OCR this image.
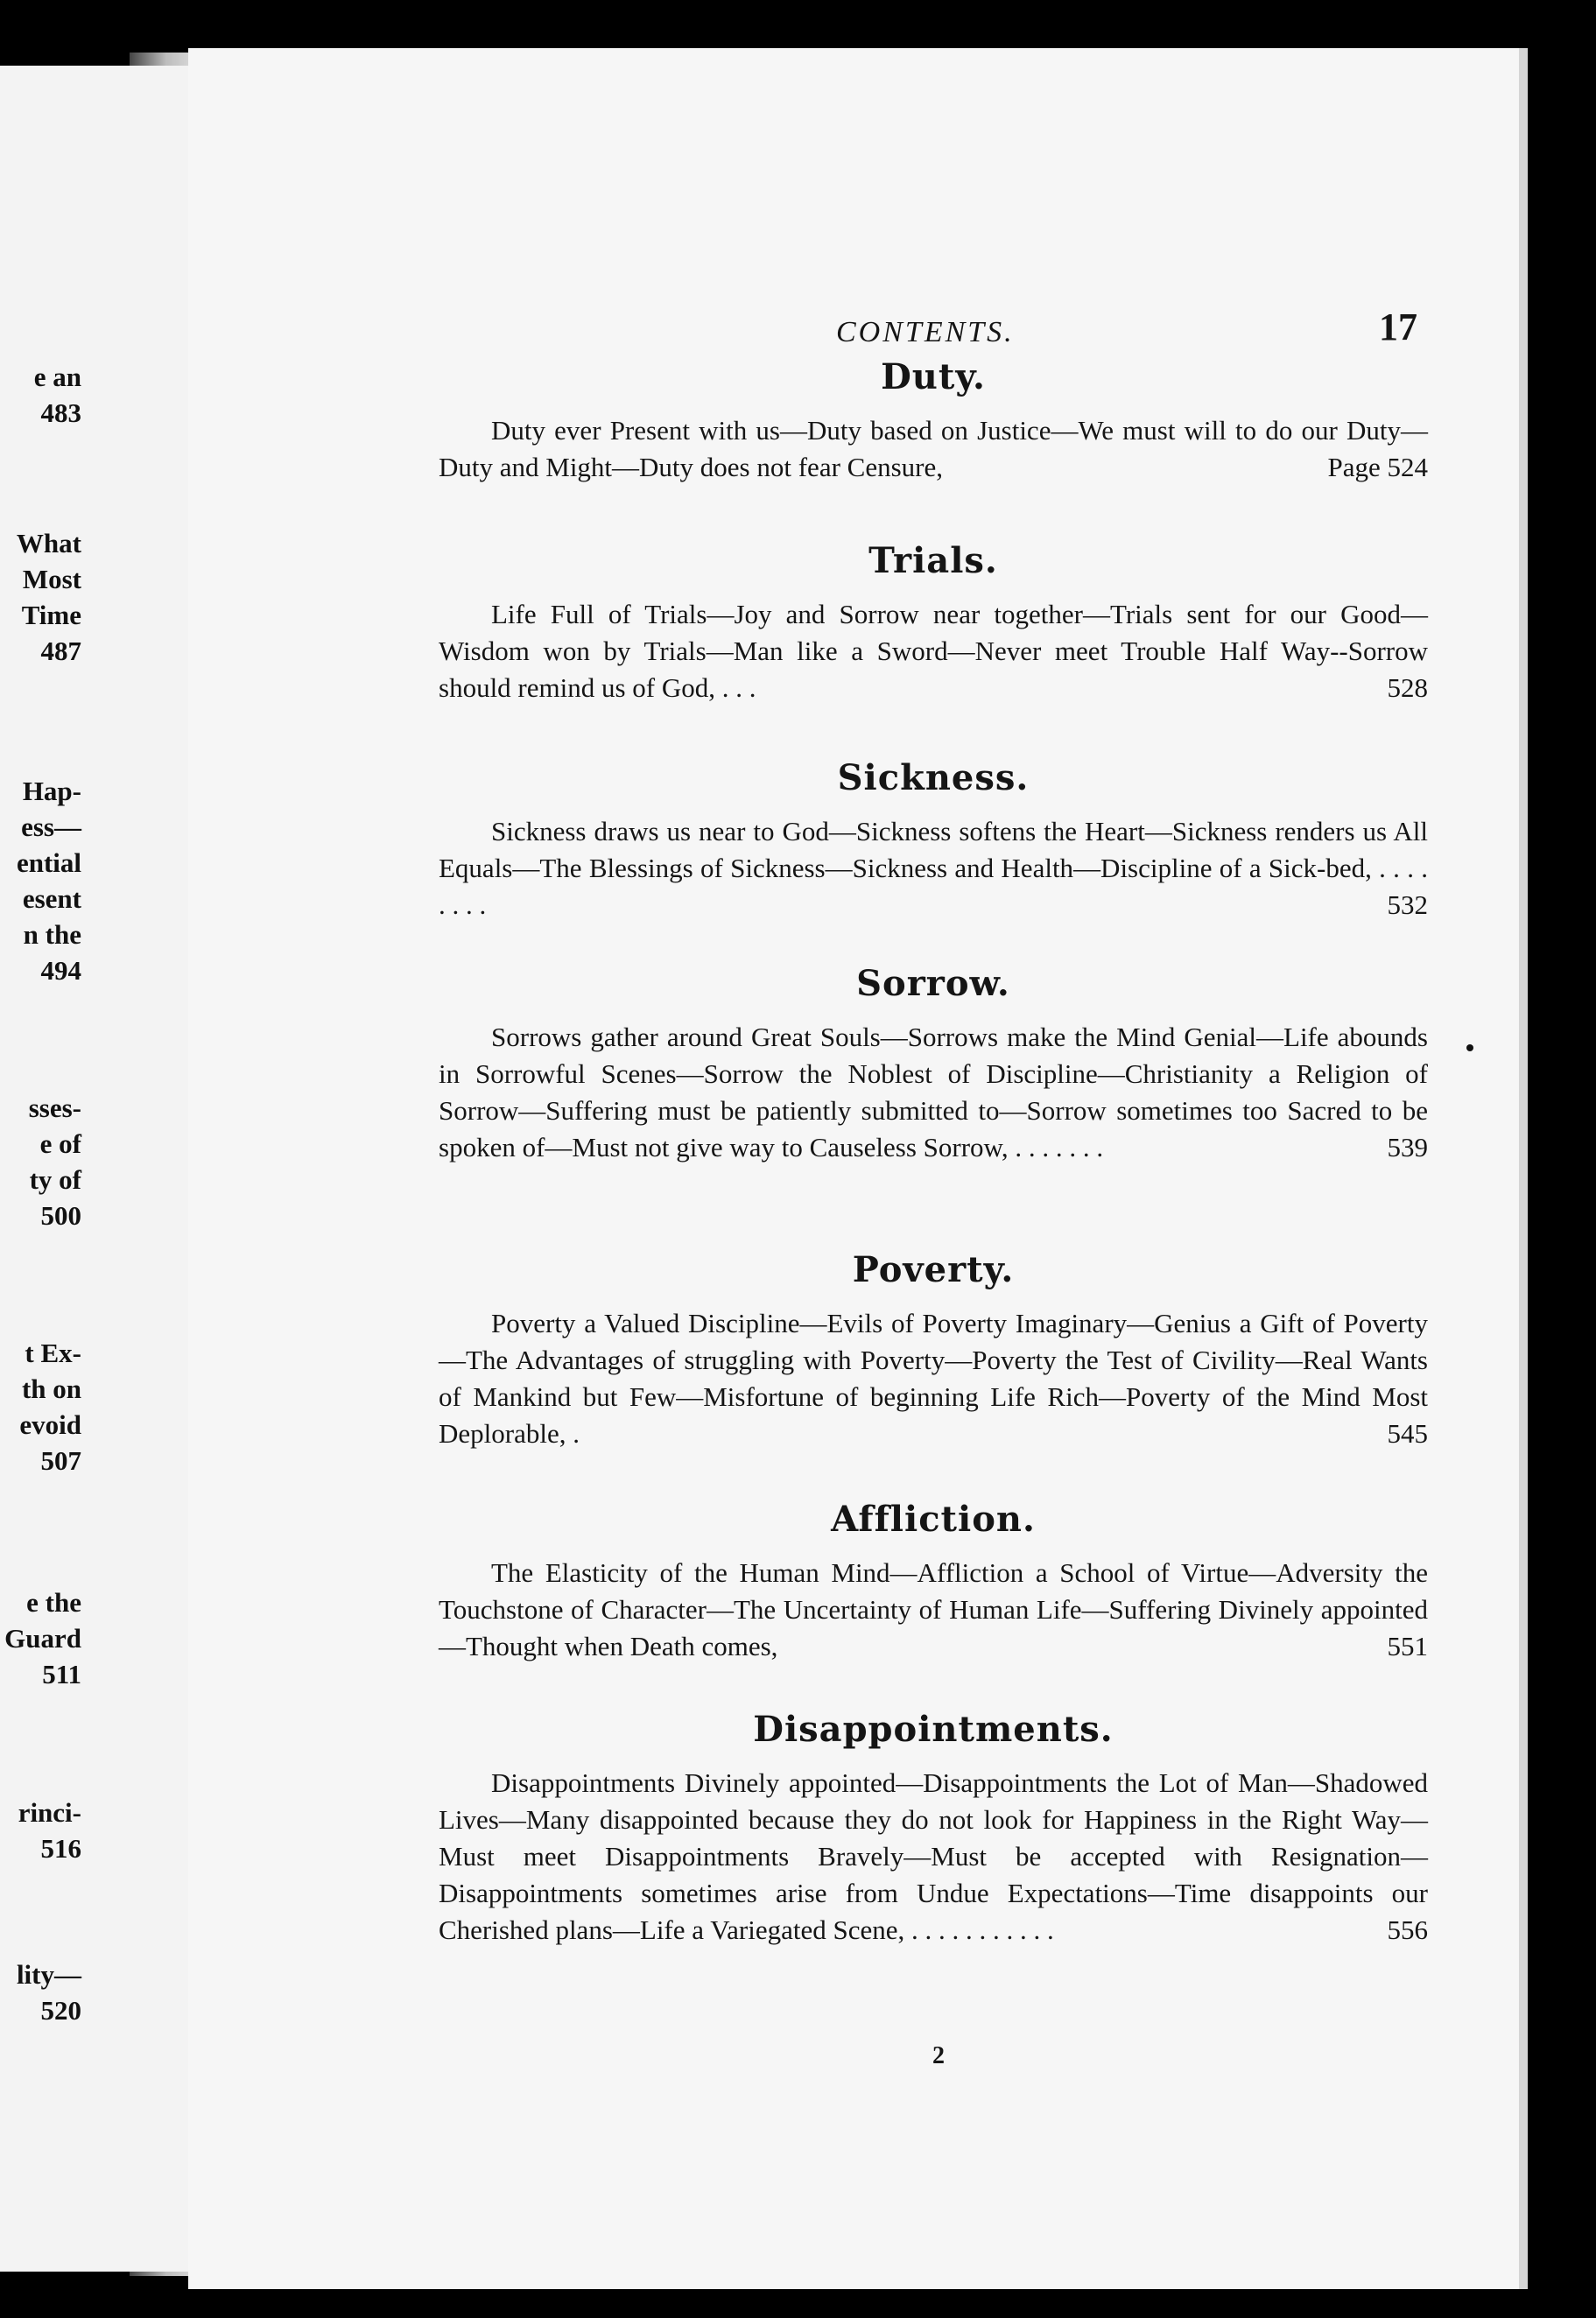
e an
483
What
Most
Time
487
Hap-
ess—
ential
esent
n the
494
sses-
e of
ty of
500
t Ex-
th on
evoid
507
e the
Guard
511
rinci-
516
lity—
520
CONTENTS.	17
Duty.

Duty ever Present with us—Duty based on Justice—We must will to do our Duty—Duty and Might—Duty does not fear Censure,	Page 524

Trials.

Life Full of Trials—Joy and Sorrow near together—Trials sent for our Good—Wisdom won by Trials—Man like a Sword—Never meet Trouble Half Way--Sorrow should remind us of God, . . .	528

Sickness.

Sickness draws us near to God—Sickness softens the Heart—Sickness renders us All Equals—The Blessings of Sickness—Sickness and Health—Discipline of a Sick-bed, . . . . . . . .	532

Sorrow.

Sorrows gather around Great Souls—Sorrows make the Mind Genial—Life abounds in Sorrowful Scenes—Sorrow the Noblest of Discipline—Christianity a Religion of Sorrow—Suffering must be patiently submitted to—Sorrow sometimes too Sacred to be spoken of—Must not give way to Causeless Sorrow, . . . . . . .	539

Poverty.

Poverty a Valued Discipline—Evils of Poverty Imaginary—Genius a Gift of Poverty—The Advantages of struggling with Poverty—Poverty the Test of Civility—Real Wants of Mankind but Few—Misfortune of beginning Life Rich—Poverty of the Mind Most Deplorable, .	545

Affliction.

The Elasticity of the Human Mind—Affliction a School of Virtue—Adversity the Touchstone of Character—The Uncertainty of Human Life—Suffering Divinely appointed—Thought when Death comes,	551

Disappointments.

Disappointments Divinely appointed—Disappointments the Lot of Man—Shadowed Lives—Many disappointed because they do not look for Happiness in the Right Way—Must meet Disappointments Bravely—Must be accepted with Resignation—Disappointments sometimes arise from Undue Expectations—Time disappoints our Cherished plans—Life a Variegated Scene, . . . . . . . . . . .	556

2
